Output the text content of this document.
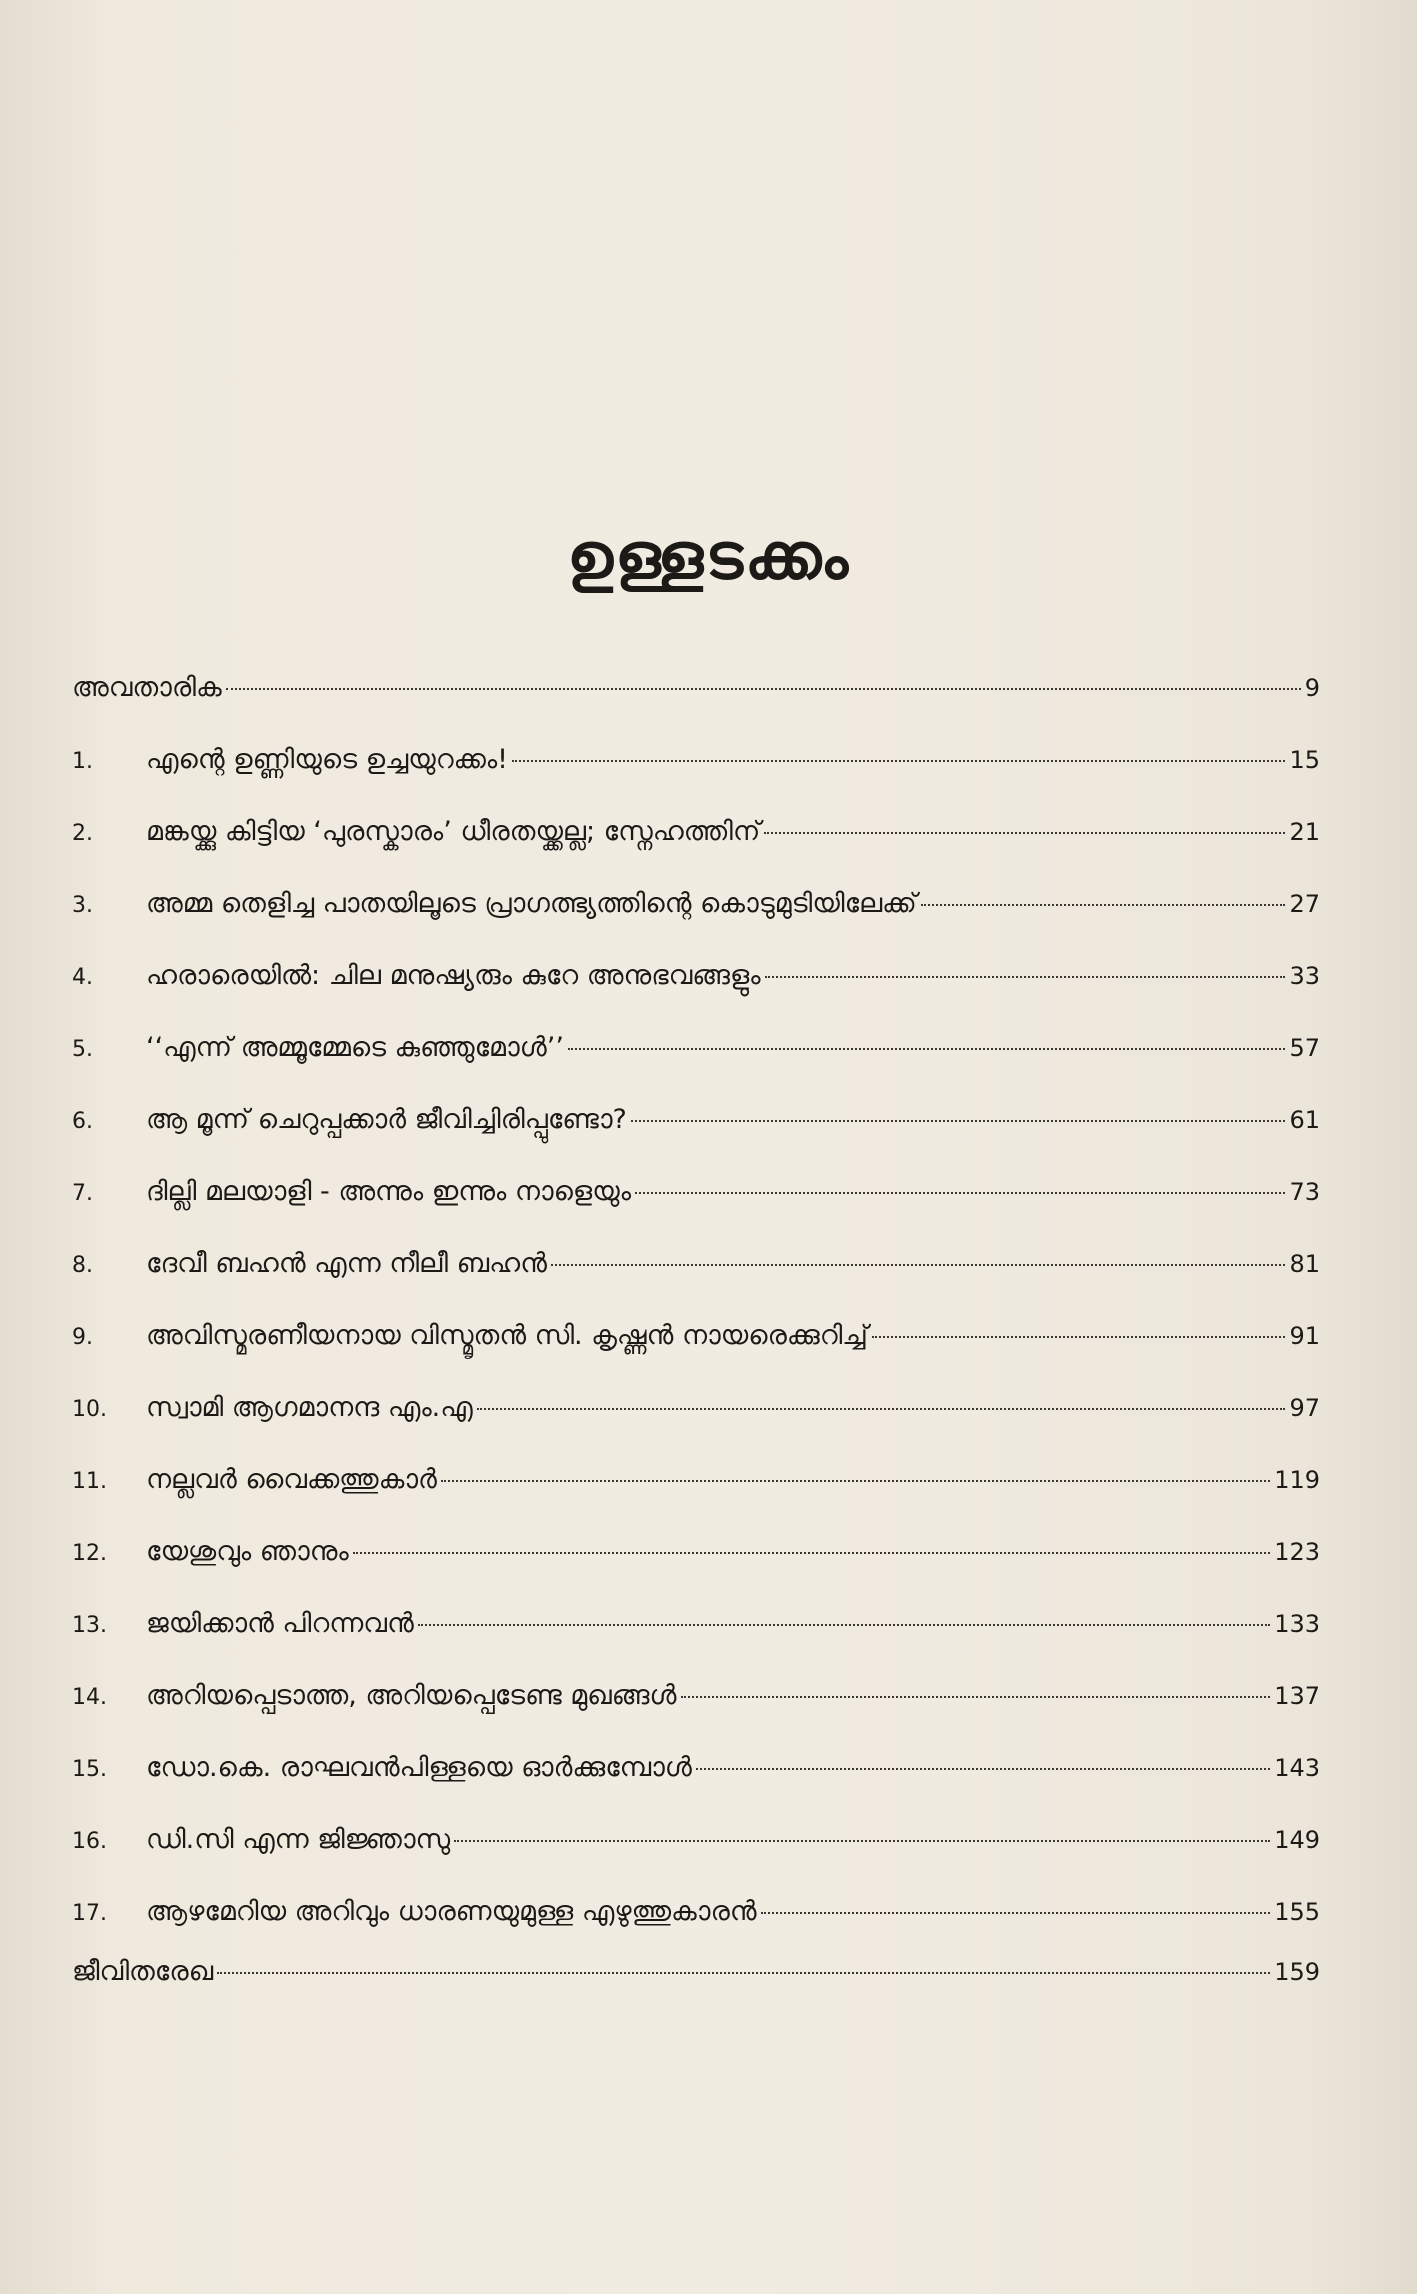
ഉള്ളടക്കം
അവതാരിക	9
1.	എന്റെ ഉണ്ണിയുടെ ഉച്ചയുറക്കം!	15
2.	മങ്കയ്ക്കു കിട്ടിയ ‘പുരസ്കാരം’ ധീരതയ്ക്കല്ല; സ്നേഹത്തിന്	21
3.	അമ്മ തെളിച്ച പാതയിലൂടെ പ്രാഗത്ഭ്യത്തിന്റെ കൊടുമുടിയിലേക്ക്	27
4.	ഹരാരെയിൽ: ചില മനുഷ്യരും കുറേ അനുഭവങ്ങളും	33
5.	‘‘എന്ന് അമ്മൂമ്മേടെ കുഞ്ഞുമോൾ’’	57
6.	ആ മൂന്ന് ചെറുപ്പക്കാർ ജീവിച്ചിരിപ്പുണ്ടോ?	61
7.	ദില്ലി മലയാളി - അന്നും ഇന്നും നാളെയും	73
8.	ദേവീ ബഹൻ എന്ന നീലീ ബഹൻ	81
9.	അവിസ്മരണീയനായ വിസ്മൃതൻ സി. കൃഷ്ണൻ നായരെക്കുറിച്ച്	91
10.	സ്വാമി ആഗമാനന്ദ എം.എ	97
11.	നല്ലവർ വൈക്കത്തുകാർ	119
12.	യേശുവും ഞാനും	123
13.	ജയിക്കാൻ പിറന്നവൻ	133
14.	അറിയപ്പെടാത്ത, അറിയപ്പെടേണ്ട മുഖങ്ങൾ	137
15.	ഡോ.കെ. രാഘവൻപിള്ളയെ ഓർക്കുമ്പോൾ	143
16.	ഡി.സി എന്ന ജിജ്ഞാസു	149
17.	ആഴമേറിയ അറിവും ധാരണയുമുള്ള എഴുത്തുകാരൻ	155
ജീവിതരേഖ	159
